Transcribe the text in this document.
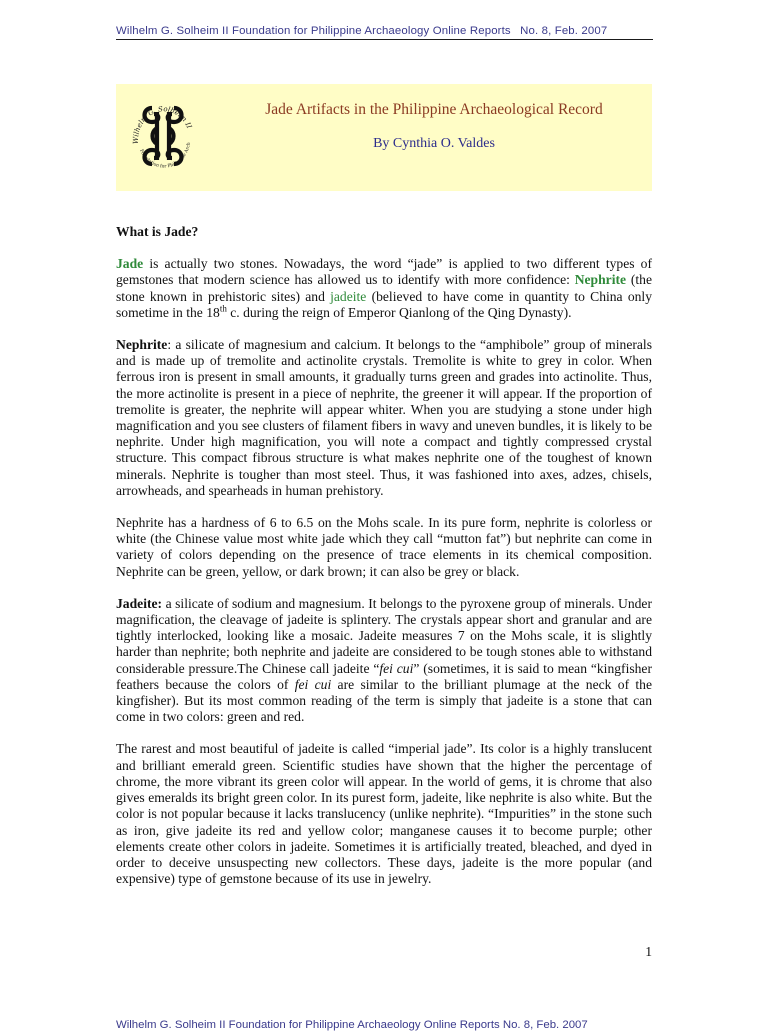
Wilhelm G. Solheim II Foundation for Philippine Archaeology Online Reports No. 8, Feb. 2007
Wilhelm G. Solheim II
Foundation for Philippine Arch
Jade Artifacts in the Philippine Archaeological Record
By Cynthia O. Valdes
What is Jade?

Jade is actually two stones. Nowadays, the word “jade” is applied to two different types of gemstones that modern science has allowed us to identify with more confidence: Nephrite (the stone known in prehistoric sites) and jadeite (believed to have come in quantity to China only sometime in the 18th c. during the reign of Emperor Qianlong of the Qing Dynasty).

Nephrite: a silicate of magnesium and calcium. It belongs to the “amphibole” group of minerals and is made up of tremolite and actinolite crystals. Tremolite is white to grey in color. When ferrous iron is present in small amounts, it gradually turns green and grades into actinolite. Thus, the more actinolite is present in a piece of nephrite, the greener it will appear. If the proportion of tremolite is greater, the nephrite will appear whiter. When you are studying a stone under high magnification and you see clusters of filament fibers in wavy and uneven bundles, it is likely to be nephrite. Under high magnification, you will note a compact and tightly compressed crystal structure. This compact fibrous structure is what makes nephrite one of the toughest of known minerals. Nephrite is tougher than most steel. Thus, it was fashioned into axes, adzes, chisels, arrowheads, and spearheads in human prehistory.

Nephrite has a hardness of 6 to 6.5 on the Mohs scale. In its pure form, nephrite is colorless or white (the Chinese value most white jade which they call “mutton fat”) but nephrite can come in variety of colors depending on the presence of trace elements in its chemical composition. Nephrite can be green, yellow, or dark brown; it can also be grey or black.

Jadeite: a silicate of sodium and magnesium. It belongs to the pyroxene group of minerals. Under magnification, the cleavage of jadeite is splintery. The crystals appear short and granular and are tightly interlocked, looking like a mosaic. Jadeite measures 7 on the Mohs scale, it is slightly harder than nephrite; both nephrite and jadeite are considered to be tough stones able to withstand considerable pressure.The Chinese call jadeite “fei cui” (sometimes, it is said to mean “kingfisher feathers because the colors of fei cui are similar to the brilliant plumage at the neck of the kingfisher). But its most common reading of the term is simply that jadeite is a stone that can come in two colors: green and red.

The rarest and most beautiful of jadeite is called “imperial jade”. Its color is a highly translucent and brilliant emerald green. Scientific studies have shown that the higher the percentage of chrome, the more vibrant its green color will appear. In the world of gems, it is chrome that also gives emeralds its bright green color. In its purest form, jadeite, like nephrite is also white. But the color is not popular because it lacks translucency (unlike nephrite). “Impurities” in the stone such as iron, give jadeite its red and yellow color; manganese causes it to become purple; other elements create other colors in jadeite. Sometimes it is artificially treated, bleached, and dyed in order to deceive unsuspecting new collectors. These days, jadeite is the more popular (and expensive) type of gemstone because of its use in jewelry.

1
Wilhelm G. Solheim II Foundation for Philippine Archaeology Online Reports No. 8, Feb. 2007
